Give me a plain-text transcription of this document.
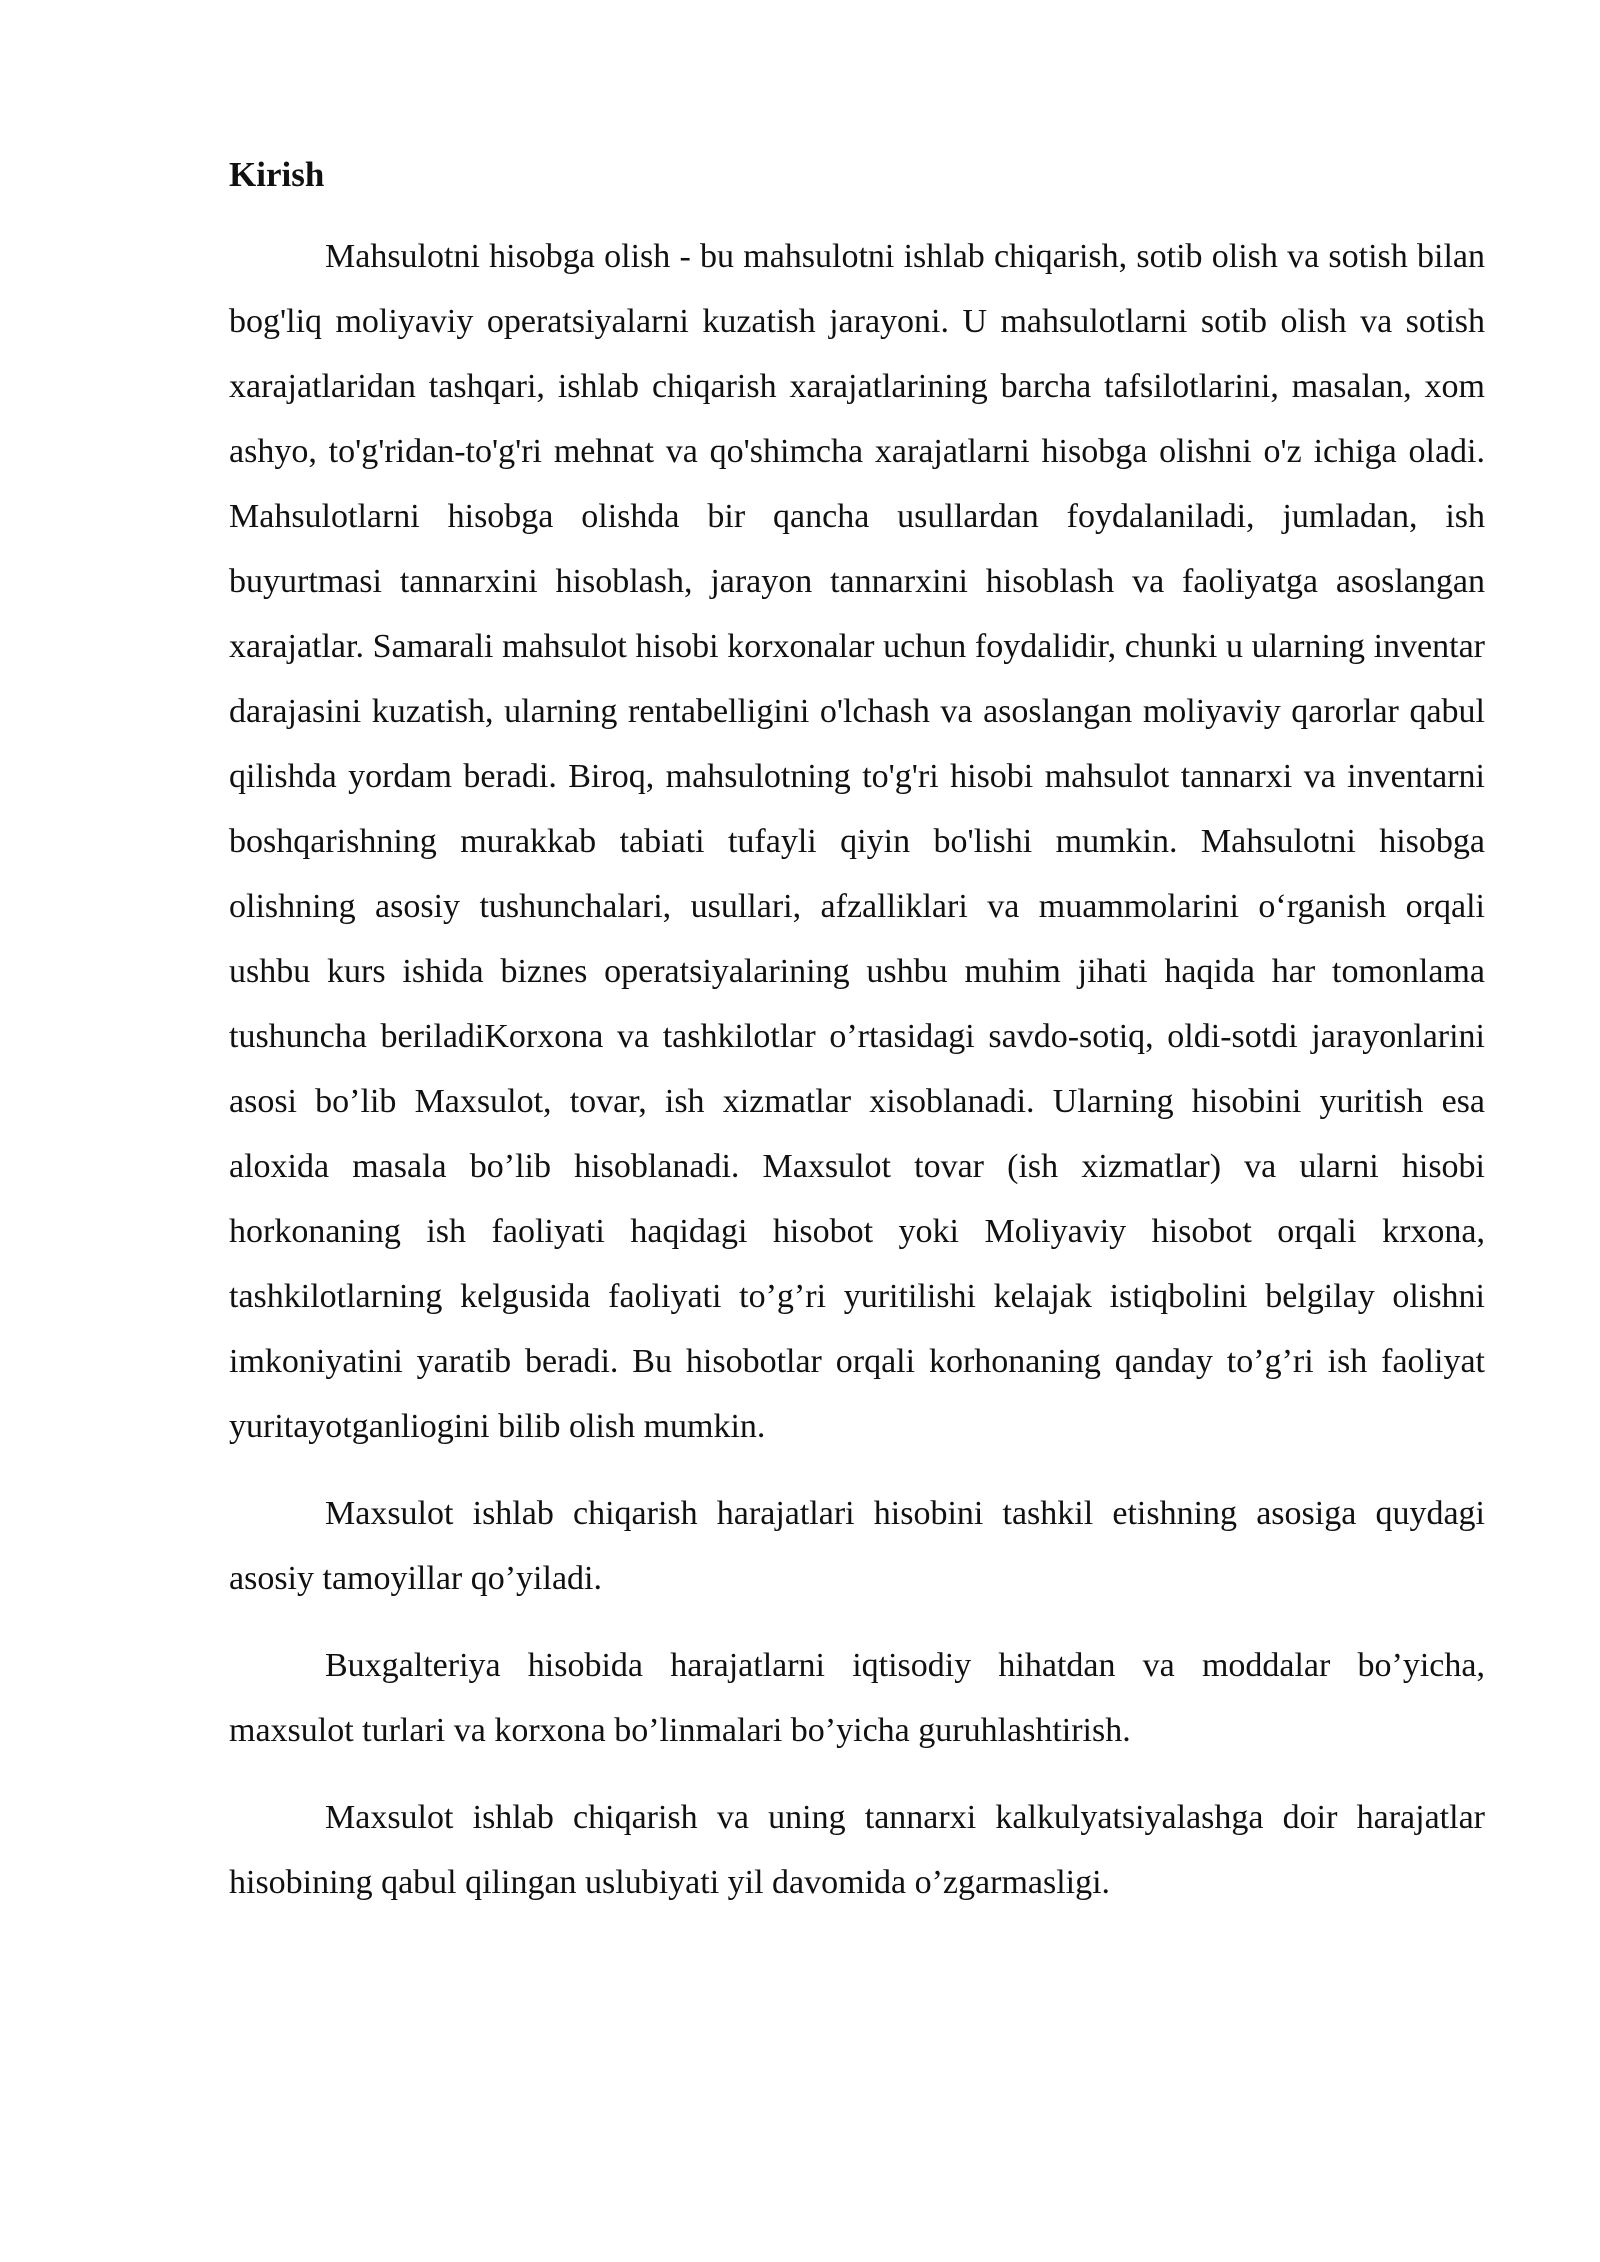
Kirish

Mahsulotni hisobga olish - bu mahsulotni ishlab chiqarish, sotib olish va sotish bilan bog'liq moliyaviy operatsiyalarni kuzatish jarayoni. U mahsulotlarni sotib olish va sotish xarajatlaridan tashqari, ishlab chiqarish xarajatlarining barcha tafsilotlarini, masalan, xom ashyo, to'g'ridan-to'g'ri mehnat va qo'shimcha xarajatlarni hisobga olishni o'z ichiga oladi. Mahsulotlarni hisobga olishda bir qancha usullardan foydalaniladi, jumladan, ish buyurtmasi tannarxini hisoblash, jarayon tannarxini hisoblash va faoliyatga asoslangan xarajatlar. Samarali mahsulot hisobi korxonalar uchun foydalidir, chunki u ularning inventar darajasini kuzatish, ularning rentabelligini o'lchash va asoslangan moliyaviy qarorlar qabul qilishda yordam beradi. Biroq, mahsulotning to'g'ri hisobi mahsulot tannarxi va inventarni boshqarishning murakkab tabiati tufayli qiyin bo'lishi mumkin. Mahsulotni hisobga olishning asosiy tushunchalari, usullari, afzalliklari va muammolarini o‘rganish orqali ushbu kurs ishida biznes operatsiyalarining ushbu muhim jihati haqida har tomonlama tushuncha beriladiKorxona va tashkilotlar o’rtasidagi savdo-sotiq, oldi-sotdi jarayonlarini asosi bo’lib Maxsulot, tovar, ish xizmatlar xisoblanadi. Ularning hisobini yuritish esa aloxida masala bo’lib hisoblanadi. Maxsulot tovar (ish xizmatlar) va ularni hisobi horkonaning ish faoliyati haqidagi hisobot yoki Moliyaviy hisobot orqali krxona, tashkilotlarning kelgusida faoliyati to’g’ri yuritilishi kelajak istiqbolini belgilay olishni imkoniyatini yaratib beradi. Bu hisobotlar orqali korhonaning qanday to’g’ri ish faoliyat yuritayotganliogini bilib olish mumkin.

Maxsulot ishlab chiqarish harajatlari hisobini tashkil etishning asosiga quydagi asosiy tamoyillar qo’yiladi.

Buxgalteriya hisobida harajatlarni iqtisodiy hihatdan va moddalar bo’yicha, maxsulot turlari va korxona bo’linmalari bo’yicha guruhlashtirish.

Maxsulot ishlab chiqarish va uning tannarxi kalkulyatsiyalashga doir harajatlar hisobining qabul qilingan uslubiyati yil davomida o’zgarmasligi.
